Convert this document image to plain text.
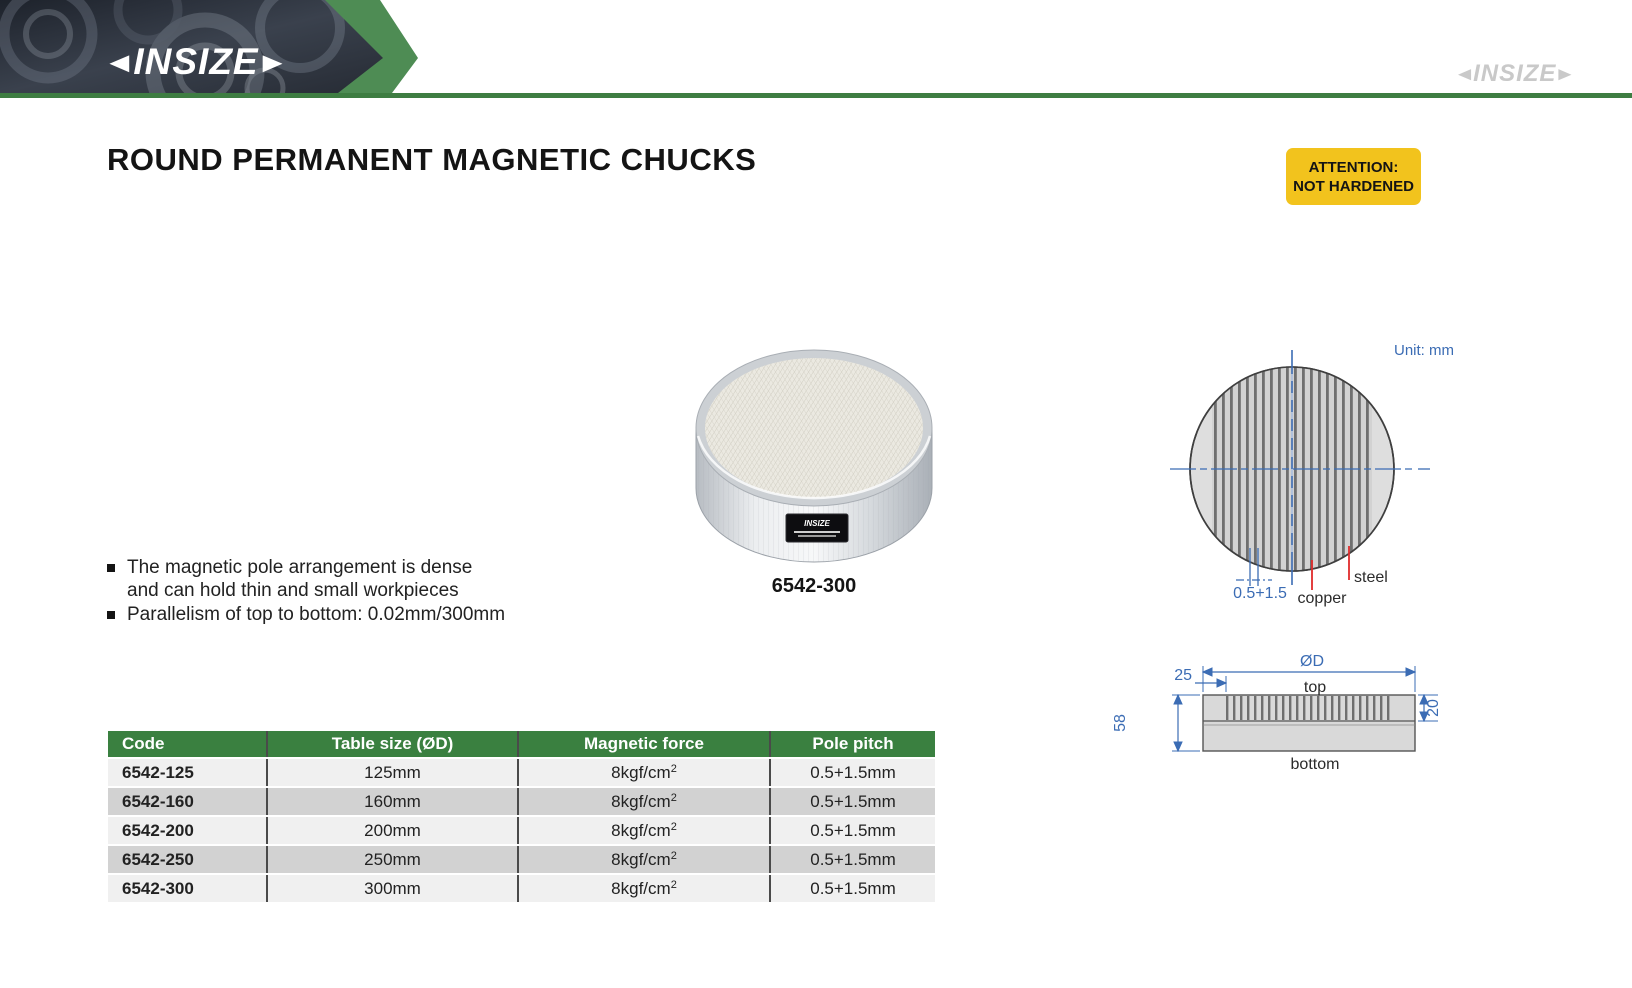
◀ INSIZE ▶	◀ INSIZE ▶
ROUND PERMANENT MAGNETIC CHUCKS	ATTENTION:
NOT HARDENED
The magnetic pole arrangement is dense
and can hold thin and small workpieces
Parallelism of top to bottom: 0.02mm/300mm
INSIZE
6542-300
Unit: mm
0.5+1.5 copper
steel
ØD
25
top
58
20
bottom
Code	Table size (ØD)	Magnetic force	Pole pitch
6542-125	125mm	8kgf/cm 2	0.5+1.5mm
6542-160	160mm	8kgf/cm 2	0.5+1.5mm
6542-200	200mm	8kgf/cm 2	0.5+1.5mm
6542-250	250mm	8kgf/cm 2	0.5+1.5mm
6542-300	300mm	8kgf/cm 2	0.5+1.5mm
